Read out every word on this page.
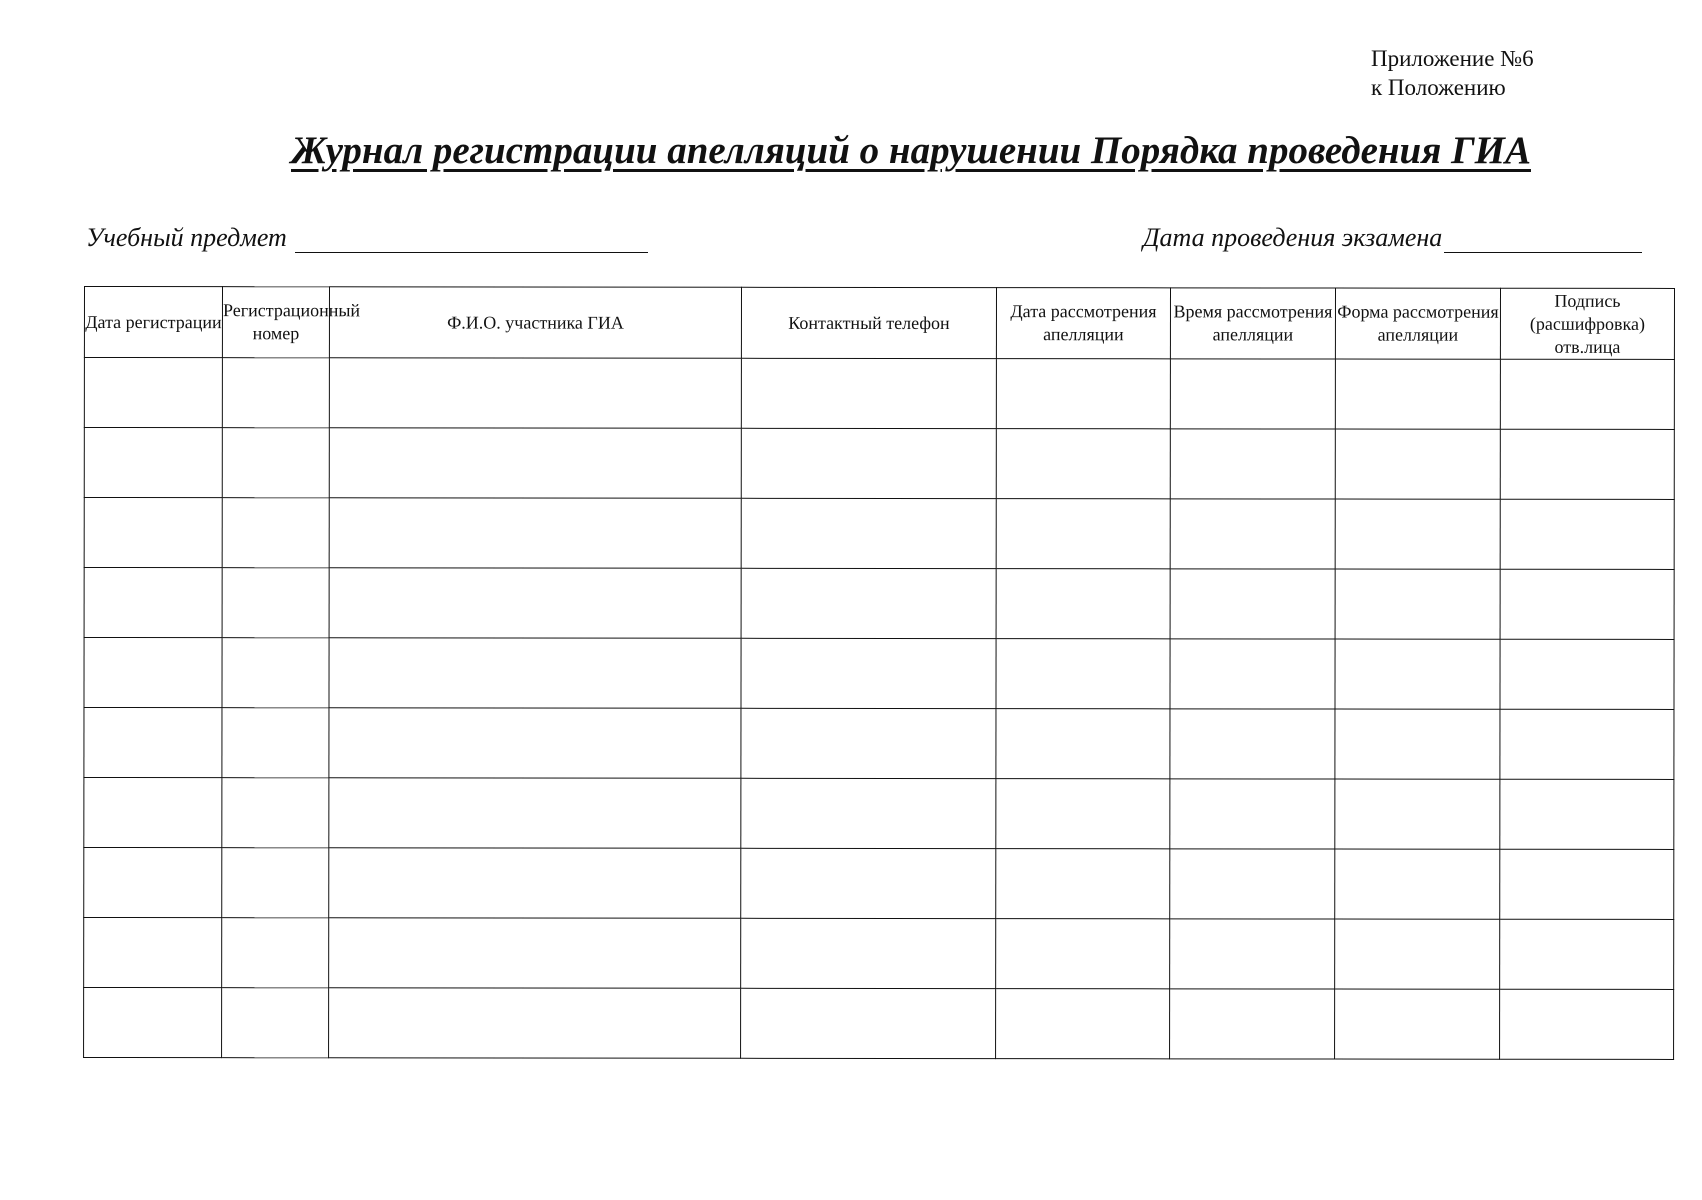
Приложение №6
к Положению
Журнал регистрации апелляций о нарушении Порядка проведения ГИА
Учебный предмет	Дата проведения экзамена
Дата регистрации	Регистрационный номер	Ф.И.О. участника ГИА	Контактный телефон	Дата рассмотрения апелляции	Время рассмотрения апелляции	Форма рассмотрения апелляции	Подпись (расшифровка) отв.лица
